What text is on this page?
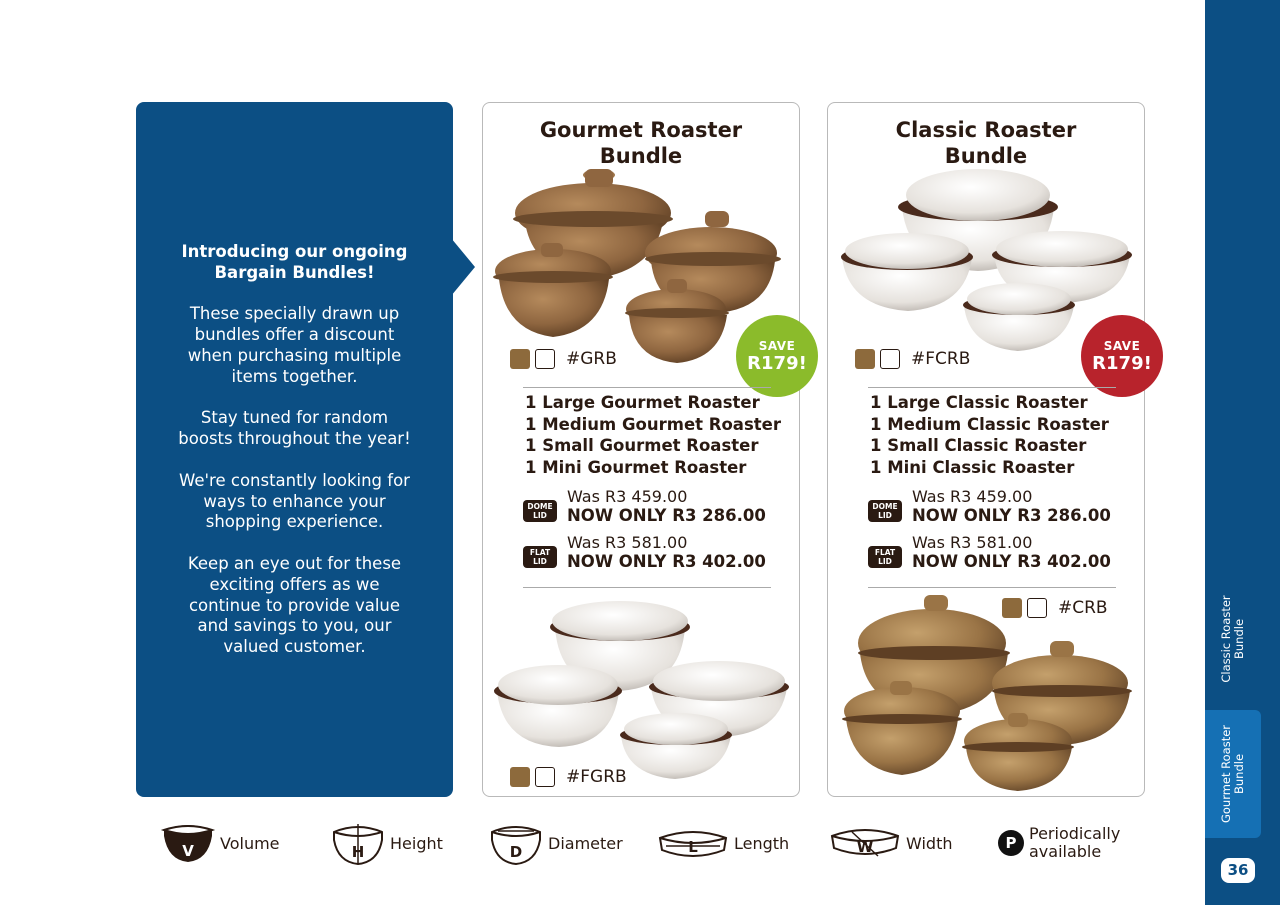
Introducing our ongoing
Bargain Bundles!

These specially drawn up
bundles offer a discount
when purchasing multiple
items together.

Stay tuned for random
boosts throughout the year!

We're constantly looking for
ways to enhance your
shopping experience.

Keep an eye out for these
exciting offers as we
continue to provide value
and savings to you, our
valued customer.

Gourmet Roaster
Bundle
#GRB
SAVE
R179!
1 Large Gourmet Roaster
1 Medium Gourmet Roaster
1 Small Gourmet Roaster
1 Mini Gourmet Roaster
DOME
LID
Was R3 459.00
NOW ONLY R3 286.00
FLAT
LID
Was R3 581.00
NOW ONLY R3 402.00
#FGRB
Classic Roaster
Bundle
#FCRB
SAVE
R179!
1 Large Classic Roaster
1 Medium Classic Roaster
1 Small Classic Roaster
1 Mini Classic Roaster
DOME
LID
Was R3 459.00
NOW ONLY R3 286.00
FLAT
LID
Was R3 581.00
NOW ONLY R3 402.00
#CRB
V Volume	H Height	D Diameter	L Length	W Width	P Periodically
available
Classic Roaster
Bundle
Gourmet Roaster
Bundle
36
